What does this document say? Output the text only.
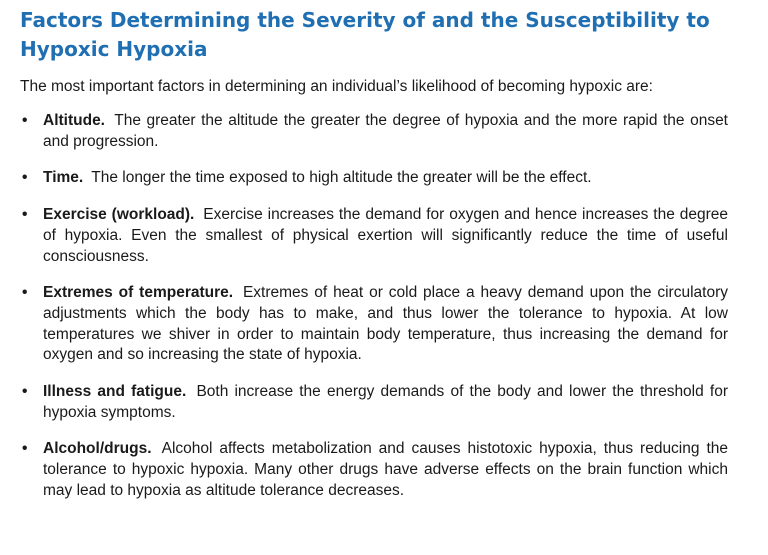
Factors Determining the Severity of and the Susceptibility to Hypoxic Hypoxia

The most important factors in determining an individual’s likelihood of becoming hypoxic are:

• Altitude. The greater the altitude the greater the degree of hypoxia and the more rapid the onset and progression.
• Time. The longer the time exposed to high altitude the greater will be the effect.
• Exercise (workload). Exercise increases the demand for oxygen and hence increases the degree of hypoxia. Even the smallest of physical exertion will significantly reduce the time of useful consciousness.
• Extremes of temperature. Extremes of heat or cold place a heavy demand upon the circulatory adjustments which the body has to make, and thus lower the tolerance to hypoxia. At low temperatures we shiver in order to maintain body temperature, thus increasing the demand for oxygen and so increasing the state of hypoxia.
• Illness and fatigue. Both increase the energy demands of the body and lower the threshold for hypoxia symptoms.
• Alcohol/drugs. Alcohol affects metabolization and causes histotoxic hypoxia, thus reducing the tolerance to hypoxic hypoxia. Many other drugs have adverse effects on the brain function which may lead to hypoxia as altitude tolerance decreases.
